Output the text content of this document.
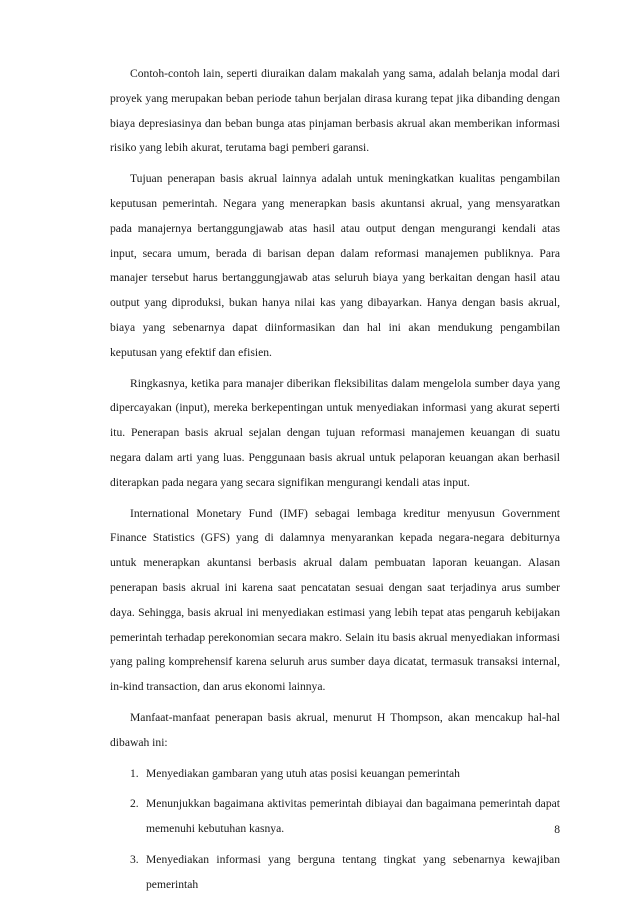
Contoh-contoh lain, seperti diuraikan dalam makalah yang sama, adalah belanja modal dari proyek yang merupakan beban periode tahun berjalan dirasa kurang tepat jika dibanding dengan biaya depresiasinya dan beban bunga atas pinjaman berbasis akrual akan memberikan informasi risiko yang lebih akurat, terutama bagi pemberi garansi.

Tujuan penerapan basis akrual lainnya adalah untuk meningkatkan kualitas pengambilan keputusan pemerintah. Negara yang menerapkan basis akuntansi akrual, yang mensyaratkan pada manajernya bertanggungjawab atas hasil atau output dengan mengurangi kendali atas input, secara umum, berada di barisan depan dalam reformasi manajemen publiknya. Para manajer tersebut harus bertanggungjawab atas seluruh biaya yang berkaitan dengan hasil atau output yang diproduksi, bukan hanya nilai kas yang dibayarkan. Hanya dengan basis akrual, biaya yang sebenarnya dapat diinformasikan dan hal ini akan mendukung pengambilan keputusan yang efektif dan efisien.

Ringkasnya, ketika para manajer diberikan fleksibilitas dalam mengelola sumber daya yang dipercayakan (input), mereka berkepentingan untuk menyediakan informasi yang akurat seperti itu. Penerapan basis akrual sejalan dengan tujuan reformasi manajemen keuangan di suatu negara dalam arti yang luas. Penggunaan basis akrual untuk pelaporan keuangan akan berhasil diterapkan pada negara yang secara signifikan mengurangi kendali atas input.

International Monetary Fund (IMF) sebagai lembaga kreditur menyusun Government Finance Statistics (GFS) yang di dalamnya menyarankan kepada negara-negara debiturnya untuk menerapkan akuntansi berbasis akrual dalam pembuatan laporan keuangan. Alasan penerapan basis akrual ini karena saat pencatatan sesuai dengan saat terjadinya arus sumber daya. Sehingga, basis akrual ini menyediakan estimasi yang lebih tepat atas pengaruh kebijakan pemerintah terhadap perekonomian secara makro. Selain itu basis akrual menyediakan informasi yang paling komprehensif karena seluruh arus sumber daya dicatat, termasuk transaksi internal, in-kind transaction, dan arus ekonomi lainnya.

Manfaat-manfaat penerapan basis akrual, menurut H Thompson, akan mencakup hal-hal dibawah ini:

1. Menyediakan gambaran yang utuh atas posisi keuangan pemerintah
2. Menunjukkan bagaimana aktivitas pemerintah dibiayai dan bagaimana pemerintah dapat memenuhi kebutuhan kasnya.
3. Menyediakan informasi yang berguna tentang tingkat yang sebenarnya kewajiban pemerintah
8
